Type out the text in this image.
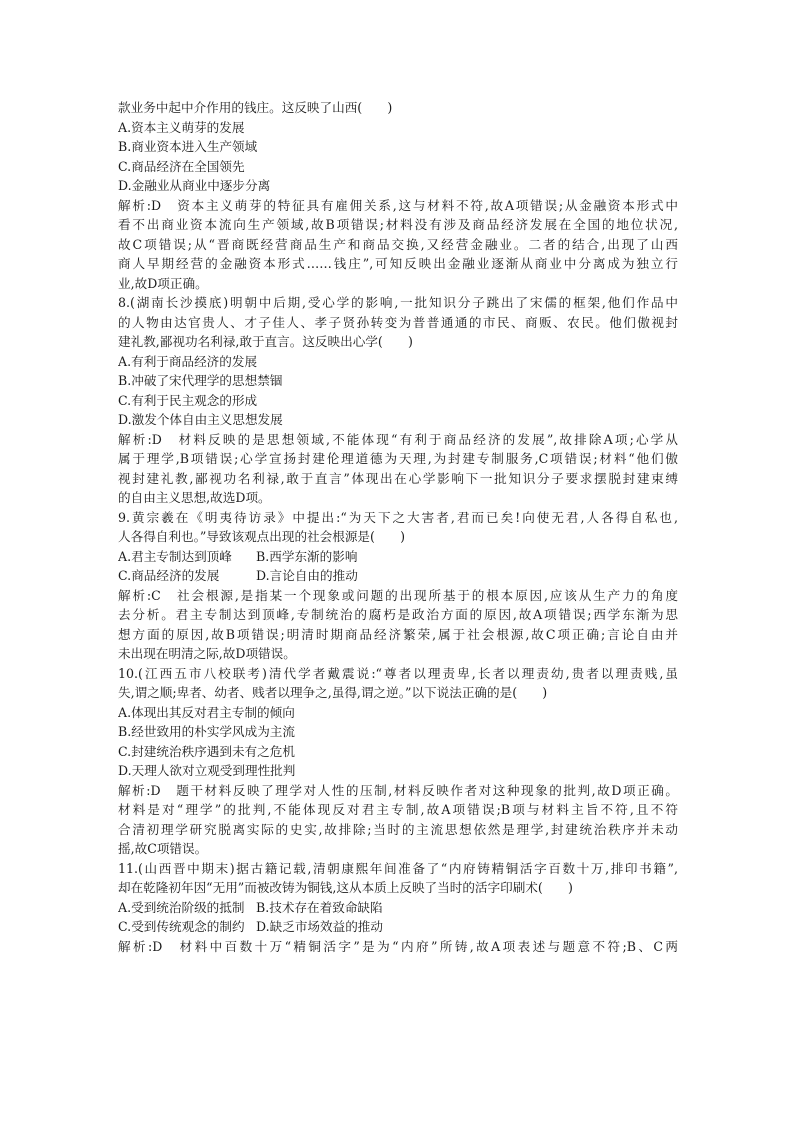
款业务中起中介作用的钱庄。这反映了山西(　　)
A.资本主义萌芽的发展
B.商业资本进入生产领域
C.商品经济在全国领先
D.金融业从商业中逐步分离
解析:D　资本主义萌芽的特征具有雇佣关系,这与材料不符,故A项错误;从金融资本形式中
看不出商业资本流向生产领域,故B项错误;材料没有涉及商品经济发展在全国的地位状况,
故C项错误;从“晋商既经营商品生产和商品交换,又经营金融业。二者的结合,出现了山西
商人早期经营的金融资本形式……钱庄”,可知反映出金融业逐渐从商业中分离成为独立行
业,故D项正确。
8.(湖南长沙摸底)明朝中后期,受心学的影响,一批知识分子跳出了宋儒的框架,他们作品中
的人物由达官贵人、才子佳人、孝子贤孙转变为普普通通的市民、商贩、农民。他们傲视封
建礼教,鄙视功名利禄,敢于直言。这反映出心学(　　)
A.有利于商品经济的发展
B.冲破了宋代理学的思想禁锢
C.有利于民主观念的形成
D.激发个体自由主义思想发展
解析:D　材料反映的是思想领域,不能体现“有利于商品经济的发展”,故排除A项;心学从
属于理学,B项错误;心学宣扬封建伦理道德为天理,为封建专制服务,C项错误;材料“他们傲
视封建礼教,鄙视功名利禄,敢于直言”体现出在心学影响下一批知识分子要求摆脱封建束缚
的自由主义思想,故选D项。
9.黄宗羲在《明夷待访录》中提出:“为天下之大害者,君而已矣!向使无君,人各得自私也,
人各得自利也。”导致该观点出现的社会根源是(　　)
A.君主专制达到顶峰 B.西学东渐的影响
C.商品经济的发展	D.言论自由的推动
解析:C　社会根源,是指某一个现象或问题的出现所基于的根本原因,应该从生产力的角度
去分析。君主专制达到顶峰,专制统治的腐朽是政治方面的原因,故A项错误;西学东渐为思
想方面的原因,故B项错误;明清时期商品经济繁荣,属于社会根源,故C项正确;言论自由并
未出现在明清之际,故D项错误。
10.(江西五市八校联考)清代学者戴震说:“尊者以理责卑,长者以理责幼,贵者以理责贱,虽
失,谓之顺;卑者、幼者、贱者以理争之,虽得,谓之逆。”以下说法正确的是(　　)
A.体现出其反对君主专制的倾向
B.经世致用的朴实学风成为主流
C.封建统治秩序遇到未有之危机
D.天理人欲对立观受到理性批判
解析:D　题干材料反映了理学对人性的压制,材料反映作者对这种现象的批判,故D项正确。
材料是对“理学”的批判,不能体现反对君主专制,故A项错误;B项与材料主旨不符,且不符
合清初理学研究脱离实际的史实,故排除;当时的主流思想依然是理学,封建统治秩序并未动
摇,故C项错误。
11.(山西晋中期末)据古籍记载,清朝康熙年间准备了“内府铸精铜活字百数十万,排印书籍”,
却在乾隆初年因“无用”而被改铸为铜钱,这从本质上反映了当时的活字印刷术(　　)
A.受到统治阶级的抵制 B.技术存在着致命缺陷
C.受到传统观念的制约 D.缺乏市场效益的推动
解析:D　材料中百数十万“精铜活字”是为“内府”所铸,故A项表述与题意不符;B、C两
